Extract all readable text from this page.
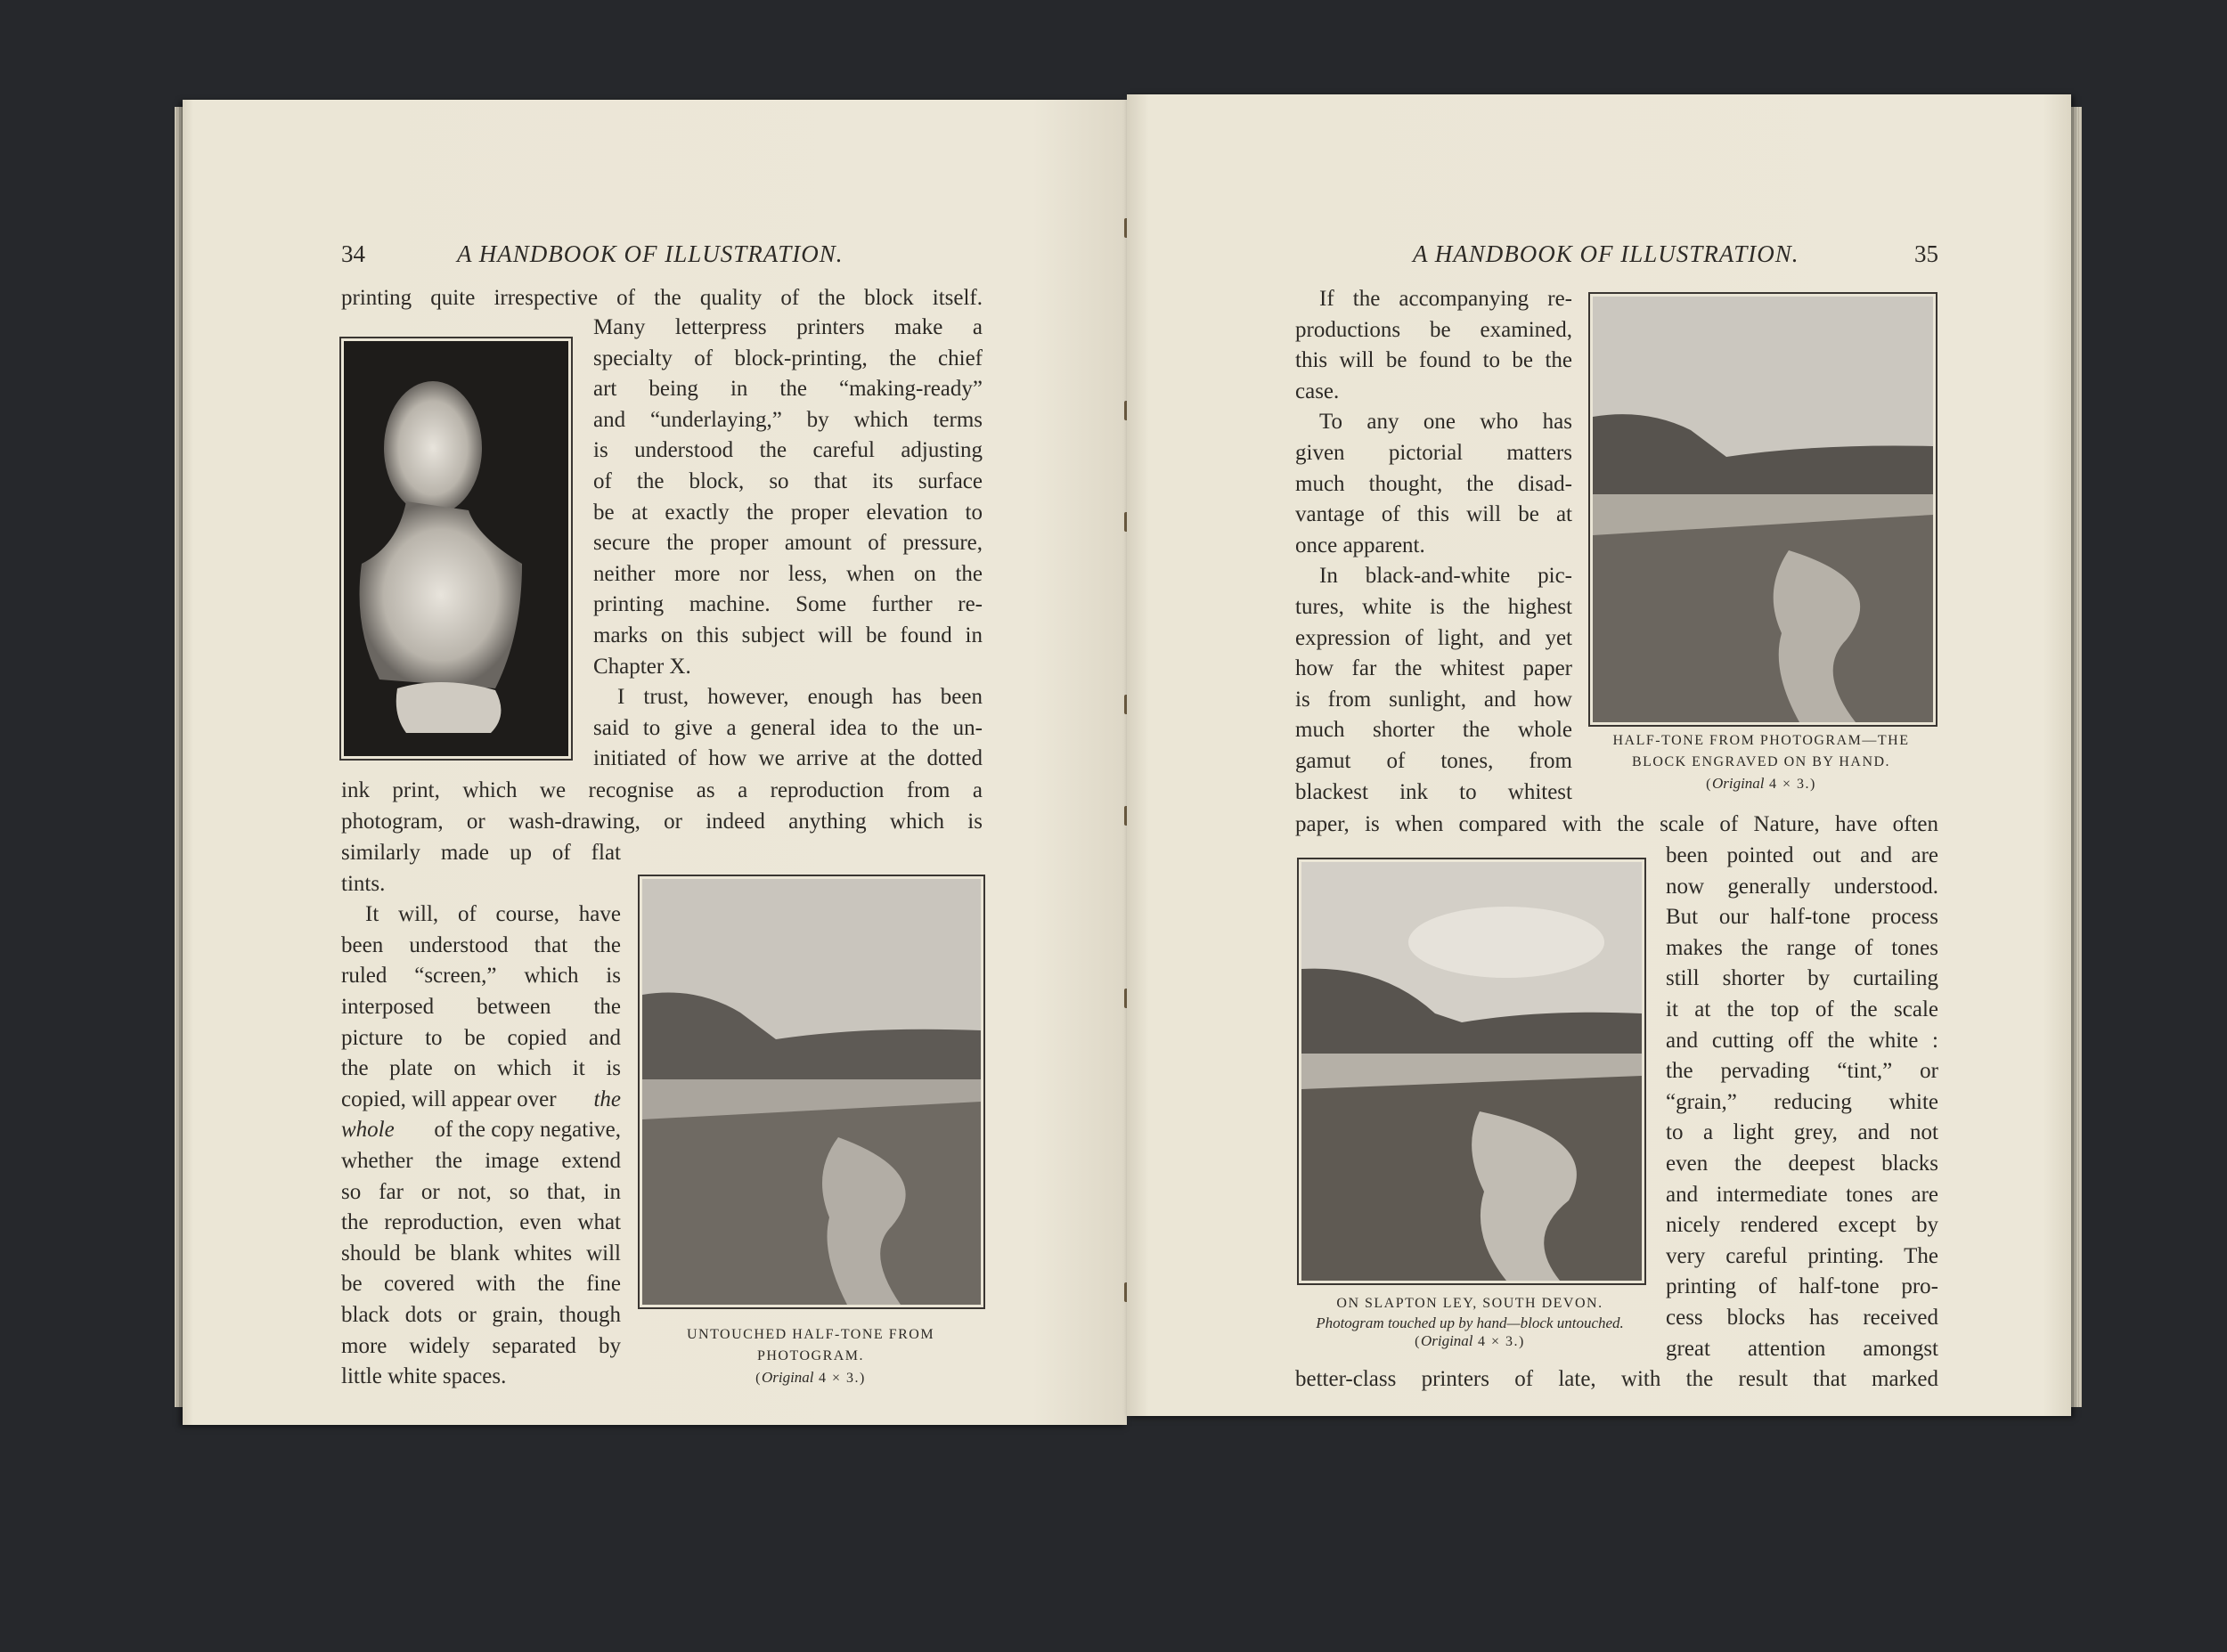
34	A HANDBOOK OF ILLUSTRATION.
printing quite irrespective of the quality of the block itself.
Many letterpress printers make a
specialty of block-printing, the chief
art being in the “making-ready”
and “underlaying,” by which terms
is understood the careful adjusting
of the block, so that its surface
be at exactly the proper elevation to
secure the proper amount of pressure,
neither more nor less, when on the
printing machine. Some further re-
marks on this subject will be found in
Chapter X.
I trust, however, enough has been
said to give a general idea to the un-
initiated of how we arrive at the dotted
ink print, which we recognise as a reproduction from a
photogram, or wash-drawing, or indeed anything which is
similarly made up of flat
tints.
It will, of course, have
been understood that the
ruled “screen,” which is
interposed between the
picture to be copied and
the plate on which it is
copied, will appear over the
whole of the copy negative,
whether the image extend
so far or not, so that, in
the reproduction, even what
should be blank whites will
be covered with the fine
black dots or grain, though
more widely separated by
little white spaces.
UNTOUCHED HALF-TONE FROM
PHOTOGRAM.
(Original 4 × 3.)
A HANDBOOK OF ILLUSTRATION.	35
If the accompanying re-
productions be examined,
this will be found to be the
case.
To any one who has
given pictorial matters
much thought, the disad-
vantage of this will be at
once apparent.
In black-and-white pic-
tures, white is the highest
expression of light, and yet
how far the whitest paper
is from sunlight, and how
much shorter the whole
gamut of tones, from
blackest ink to whitest
HALF-TONE FROM PHOTOGRAM—THE
BLOCK ENGRAVED ON BY HAND.
(Original 4 × 3.)
paper, is when compared with the scale of Nature, have often
ON SLAPTON LEY, SOUTH DEVON.
Photogram touched up by hand—block untouched.
(Original 4 × 3.)
been pointed out and are
now generally understood.
But our half-tone process
makes the range of tones
still shorter by curtailing
it at the top of the scale
and cutting off the white :
the pervading “tint,” or
“grain,” reducing white
to a light grey, and not
even the deepest blacks
and intermediate tones are
nicely rendered except by
very careful printing. The
printing of half-tone pro-
cess blocks has received
great attention amongst
better-class printers of late, with the result that marked
